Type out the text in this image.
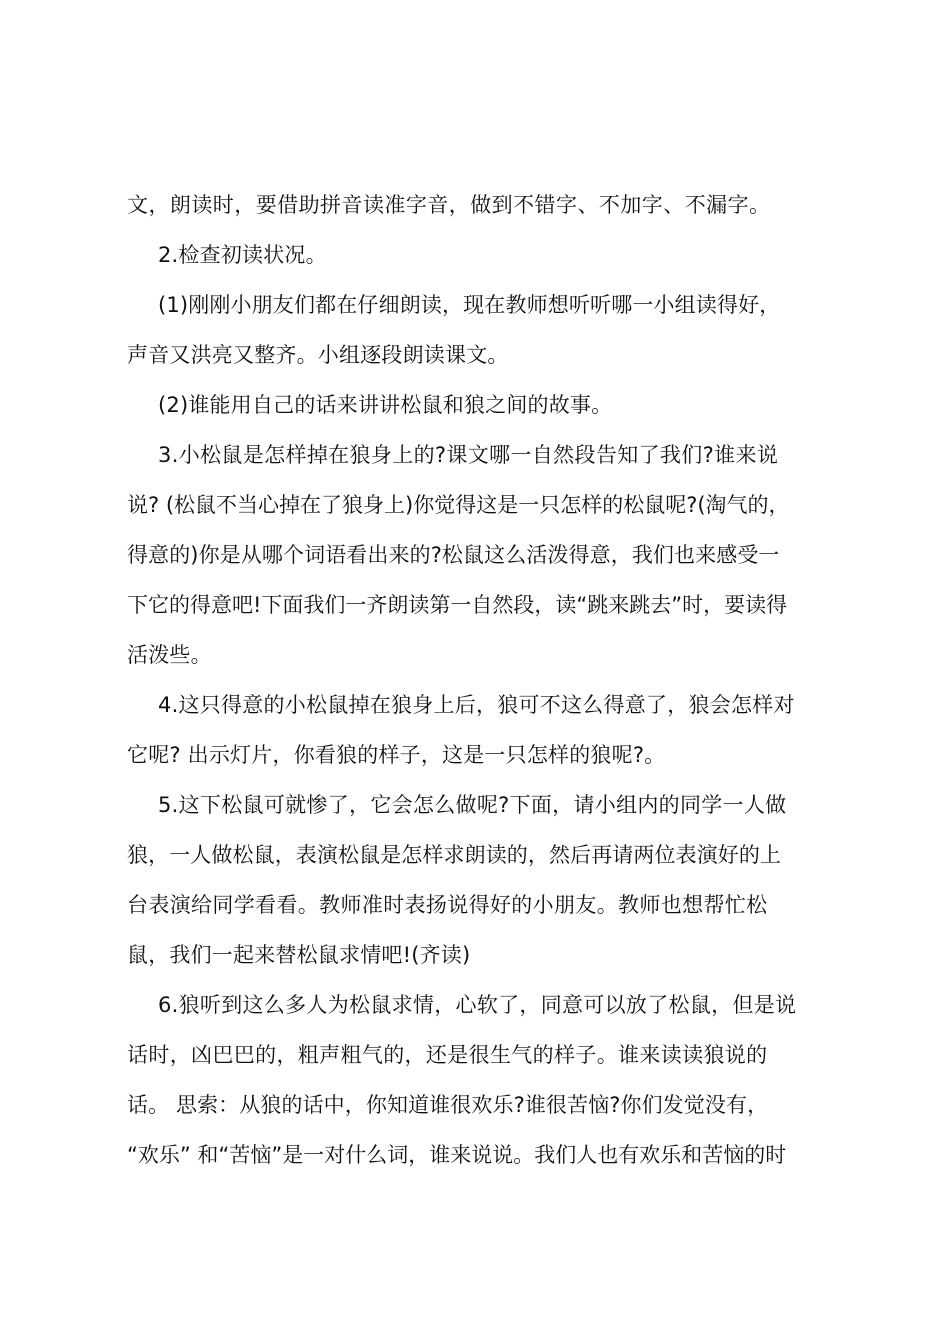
文，朗读时，要借助拼音读准字音，做到不错字、不加字、不漏字。
2.检查初读状况。
(1)刚刚小朋友们都在仔细朗读，现在教师想听听哪一小组读得好，
声音又洪亮又整齐。小组逐段朗读课文。
(2)谁能用自己的话来讲讲松鼠和狼之间的故事。
3.小松鼠是怎样掉在狼身上的?课文哪一自然段告知了我们?谁来说
说? (松鼠不当心掉在了狼身上)你觉得这是一只怎样的松鼠呢?(淘气的，
得意的)你是从哪个词语看出来的?松鼠这么活泼得意，我们也来感受一
下它的得意吧!下面我们一齐朗读第一自然段，读“跳来跳去”时，要读得
活泼些。
4.这只得意的小松鼠掉在狼身上后，狼可不这么得意了，狼会怎样对
它呢? 出示灯片，你看狼的样子，这是一只怎样的狼呢?。
5.这下松鼠可就惨了，它会怎么做呢?下面，请小组内的同学一人做
狼，一人做松鼠，表演松鼠是怎样求朗读的，然后再请两位表演好的上
台表演给同学看看。教师准时表扬说得好的小朋友。教师也想帮忙松
鼠，我们一起来替松鼠求情吧!(齐读)
6.狼听到这么多人为松鼠求情，心软了，同意可以放了松鼠，但是说
话时，凶巴巴的，粗声粗气的，还是很生气的样子。谁来读读狼说的
话。 思索：从狼的话中，你知道谁很欢乐?谁很苦恼?你们发觉没有，
“欢乐” 和“苦恼”是一对什么词，谁来说说。我们人也有欢乐和苦恼的时
